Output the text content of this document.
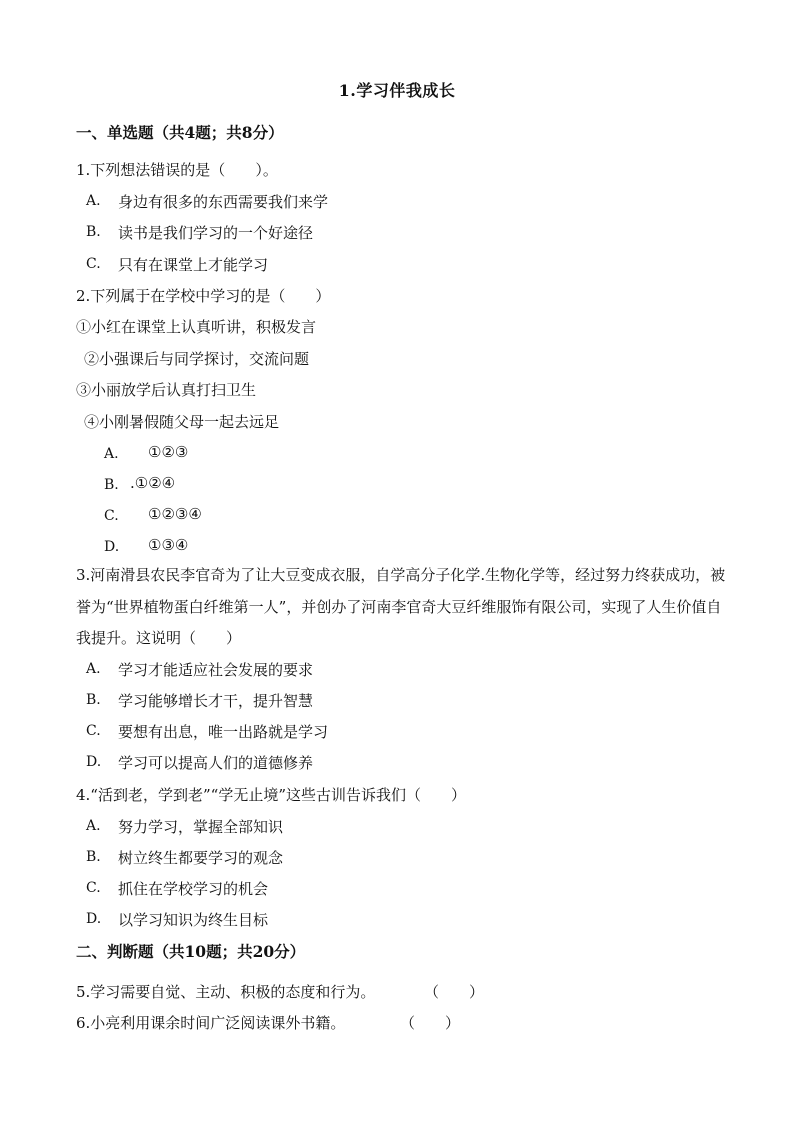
1.学习伴我成长
一、单选题（共4题；共8分）
1.下列想法错误的是（　　）。
A. 身边有很多的东西需要我们来学
B. 读书是我们学习的一个好途径
C. 只有在课堂上才能学习
2.下列属于在学校中学习的是（　　）
①小红在课堂上认真听讲，积极发言
②小强课后与同学探讨，交流问题
③小丽放学后认真打扫卫生
④小刚暑假随父母一起去远足
A. ①②③
B. .①②④
C. ①②③④
D. ①③④
3.河南滑县农民李官奇为了让大豆变成衣服，自学高分子化学.生物化学等，经过努力终获成功，被誉为“世界植物蛋白纤维第一人”，并创办了河南李官奇大豆纤维服饰有限公司，实现了人生价值自我提升。这说明（　　）
A. 学习才能适应社会发展的要求
B. 学习能够增长才干，提升智慧
C. 要想有出息，唯一出路就是学习
D. 学习可以提高人们的道德修养
4.“活到老，学到老”“学无止境”这些古训告诉我们（　　）
A. 努力学习，掌握全部知识
B. 树立终生都要学习的观念
C. 抓住在学校学习的机会
D. 以学习知识为终生目标
二、判断题（共10题；共20分）
5.学习需要自觉、主动、积极的态度和行为。	（　　）
6.小亮利用课余时间广泛阅读课外书籍。	（　　）
